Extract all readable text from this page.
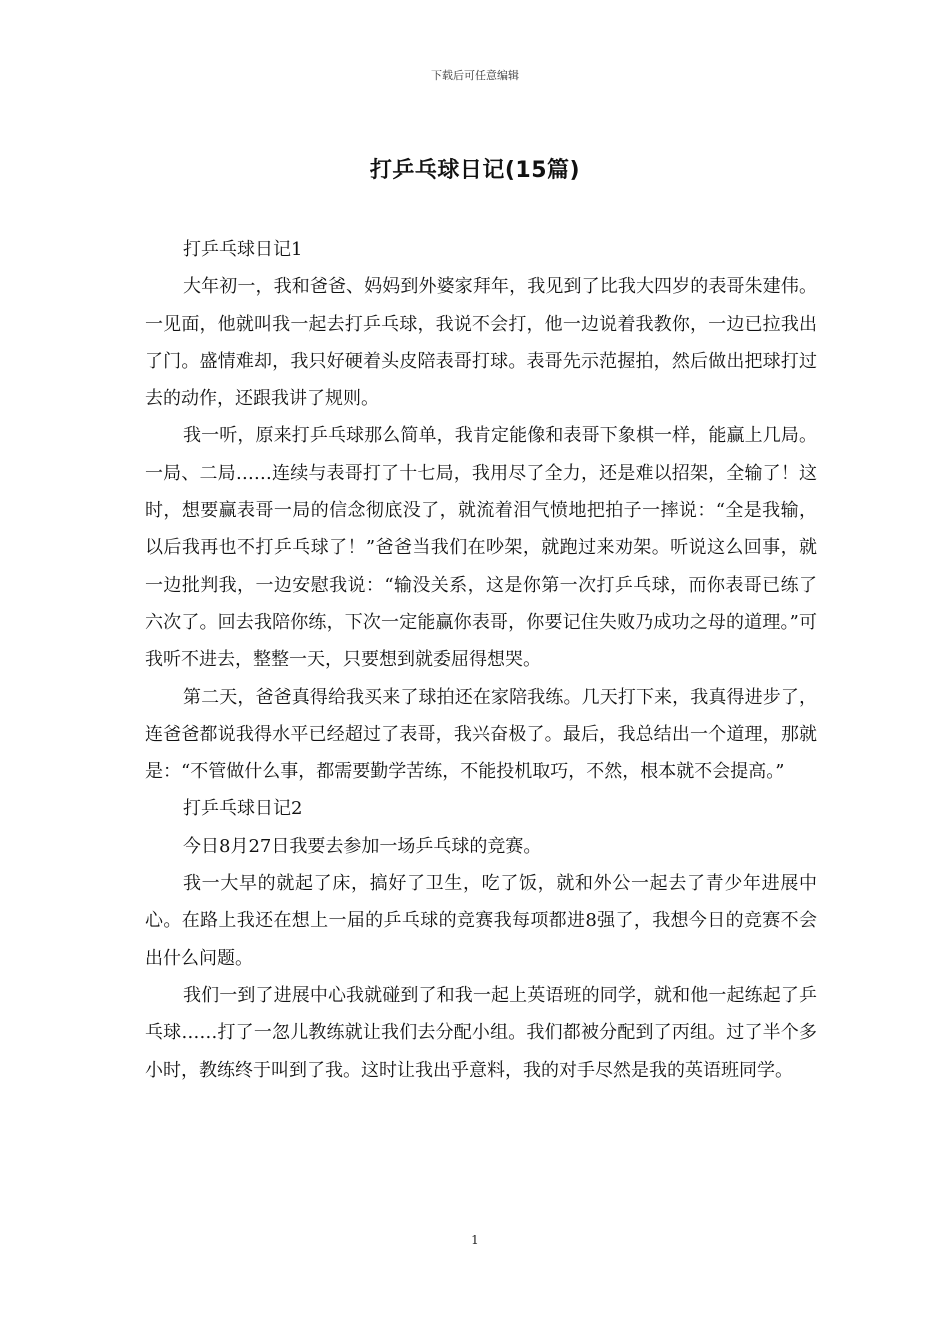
下载后可任意编辑
打乒乓球日记(15篇)

打乒乓球日记1

大年初一，我和爸爸、妈妈到外婆家拜年，我见到了比我大四岁的表哥朱建伟。一见面，他就叫我一起去打乒乓球，我说不会打，他一边说着我教你，一边已拉我出了门。盛情难却，我只好硬着头皮陪表哥打球。表哥先示范握拍，然后做出把球打过去的动作，还跟我讲了规则。

我一听，原来打乒乓球那么简单，我肯定能像和表哥下象棋一样，能赢上几局。一局、二局……连续与表哥打了十七局，我用尽了全力，还是难以招架，全输了！这时，想要赢表哥一局的信念彻底没了，就流着泪气愤地把拍子一摔说：“全是我输，以后我再也不打乒乓球了！”爸爸当我们在吵架，就跑过来劝架。听说这么回事，就一边批判我，一边安慰我说：“输没关系，这是你第一次打乒乓球，而你表哥已练了六次了。回去我陪你练，下次一定能赢你表哥，你要记住失败乃成功之母的道理。”可我听不进去，整整一天，只要想到就委屈得想哭。

第二天，爸爸真得给我买来了球拍还在家陪我练。几天打下来，我真得进步了，连爸爸都说我得水平已经超过了表哥，我兴奋极了。最后，我总结出一个道理，那就是：“不管做什么事，都需要勤学苦练，不能投机取巧，不然，根本就不会提高。”

打乒乓球日记2

今日8月27日我要去参加一场乒乓球的竞赛。

我一大早的就起了床，搞好了卫生，吃了饭，就和外公一起去了青少年进展中心。在路上我还在想上一届的乒乓球的竞赛我每项都进8强了，我想今日的竞赛不会出什么问题。

我们一到了进展中心我就碰到了和我一起上英语班的同学，就和他一起练起了乒乓球……打了一忽儿教练就让我们去分配小组。我们都被分配到了丙组。过了半个多小时，教练终于叫到了我。这时让我出乎意料，我的对手尽然是我的英语班同学。

1
